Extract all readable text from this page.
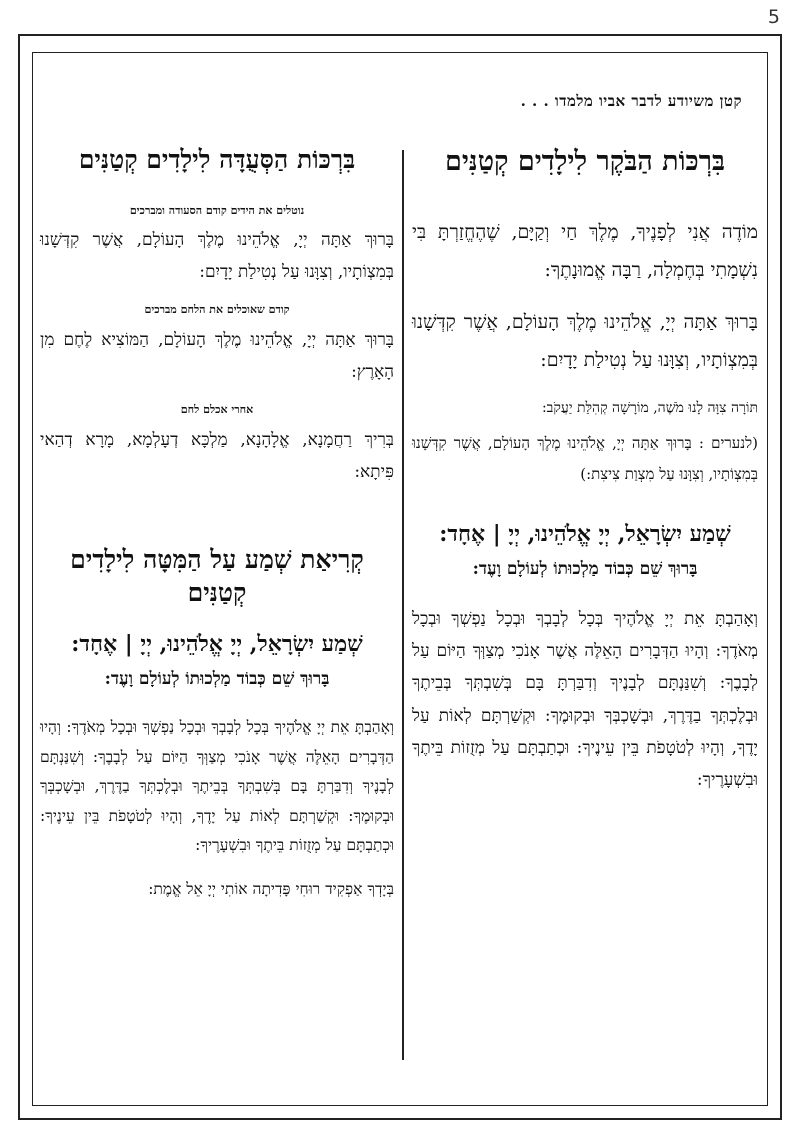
5
קטן משיודע לדבר אביו מלמדו . . .
בִּרְכּוֹת הַבֹּקֶר לִילָדִים קְטַנִּים

מוֹדֶה אֲנִי לְפָנֶיךָ, מֶלֶךְ חַי וְקַיָּם, שֶׁהֶחֱזַרְתָּ בִּי נִשְׁמָתִי בְּחֶמְלָה, רַבָּה אֱמוּנָתֶךָ:

בָּרוּךְ אַתָּה יְיָ, אֱלֹהֵינוּ מֶלֶךְ הָעוֹלָם, אֲשֶׁר קִדְּשָׁנוּ בְּמִצְוֹתָיו, וְצִוָּנוּ עַל נְטִילַת יָדָיִם:

תּוֹרָה צִוָּה לָנוּ מֹשֶׁה, מוֹרָשָׁה קְהִלַּת יַעֲקֹב:

(לנערים : בָּרוּךְ אַתָּה יְיָ, אֱלֹהֵינוּ מֶלֶךְ הָעוֹלָם, אֲשֶׁר קִדְּשָׁנוּ בְּמִצְוֹתָיו, וְצִוָּנוּ עַל מִצְוַת צִיצִת:)

שְׁמַע יִשְׂרָאֵל, יְיָ אֱלֹהֵינוּ, יְיָ | אֶחָד:
בָּרוּךְ שֵׁם כְּבוֹד מַלְכוּתוֹ לְעוֹלָם וָעֶד:

וְאָהַבְתָּ אֵת יְיָ אֱלֹהֶיךָ בְּכָל לְבָבְךָ וּבְכָל נַפְשְׁךָ וּבְכָל מְאֹדֶךָ: וְהָיוּ הַדְּבָרִים הָאֵלֶּה אֲשֶׁר אָנֹכִי מְצַוְּךָ הַיּוֹם עַל לְבָבֶךָ: וְשִׁנַּנְתָּם לְבָנֶיךָ וְדִבַּרְתָּ בָּם בְּשִׁבְתְּךָ בְּבֵיתֶךָ וּבְלֶכְתְּךָ בַדֶּרֶךְ, וּבְשָׁכְבְּךָ וּבְקוּמֶךָ: וּקְשַׁרְתָּם לְאוֹת עַל יָדֶךָ, וְהָיוּ לְטֹטָפֹת בֵּין עֵינֶיךָ: וּכְתַבְתָּם עַל מְזֻזוֹת בֵּיתֶךָ וּבִשְׁעָרֶיךָ:

בִּרְכּוֹת הַסְּעֻדָּה לִילָדִים קְטַנִּים
נוטלים את הידים קודם הסעודה ומברכים

בָּרוּךְ אַתָּה יְיָ, אֱלֹהֵינוּ מֶלֶךְ הָעוֹלָם, אֲשֶׁר קִדְּשָׁנוּ בְּמִצְוֹתָיו, וְצִוָּנוּ עַל נְטִילַת יָדָיִם:

קודם שאוכלים את הלחם מברכים

בָּרוּךְ אַתָּה יְיָ, אֱלֹהֵינוּ מֶלֶךְ הָעוֹלָם, הַמּוֹצִיא לֶחֶם מִן הָאָרֶץ:

אחרי אכלם לחם

בְּרִיךְ רַחֲמָנָא, אֱלָהָנָא, מַלְכָּא דְעָלְמָא, מָרָא דְהַאי פִּיתָא:

קְרִיאַת שְׁמַע עַל הַמִּטָּה לִילָדִים קְטַנִּים
שְׁמַע יִשְׂרָאֵל, יְיָ אֱלֹהֵינוּ, יְיָ | אֶחָד:
בָּרוּךְ שֵׁם כְּבוֹד מַלְכוּתוֹ לְעוֹלָם וָעֶד:

וְאָהַבְתָּ אֵת יְיָ אֱלֹהֶיךָ בְּכָל לְבָבְךָ וּבְכָל נַפְשְׁךָ וּבְכָל מְאֹדֶךָ: וְהָיוּ הַדְּבָרִים הָאֵלֶּה אֲשֶׁר אָנֹכִי מְצַוְּךָ הַיּוֹם עַל לְבָבֶךָ: וְשִׁנַּנְתָּם לְבָנֶיךָ וְדִבַּרְתָּ בָּם בְּשִׁבְתְּךָ בְּבֵיתֶךָ וּבְלֶכְתְּךָ בַדֶּרֶךְ, וּבְשָׁכְבְּךָ וּבְקוּמֶךָ: וּקְשַׁרְתָּם לְאוֹת עַל יָדֶךָ, וְהָיוּ לְטֹטָפֹת בֵּין עֵינֶיךָ: וּכְתַבְתָּם עַל מְזֻזוֹת בֵּיתֶךָ וּבִשְׁעָרֶיךָ:

בְּיָדְךָ אַפְקִיד רוּחִי פָּדִיתָה אוֹתִי יְיָ אֵל אֱמֶת:
